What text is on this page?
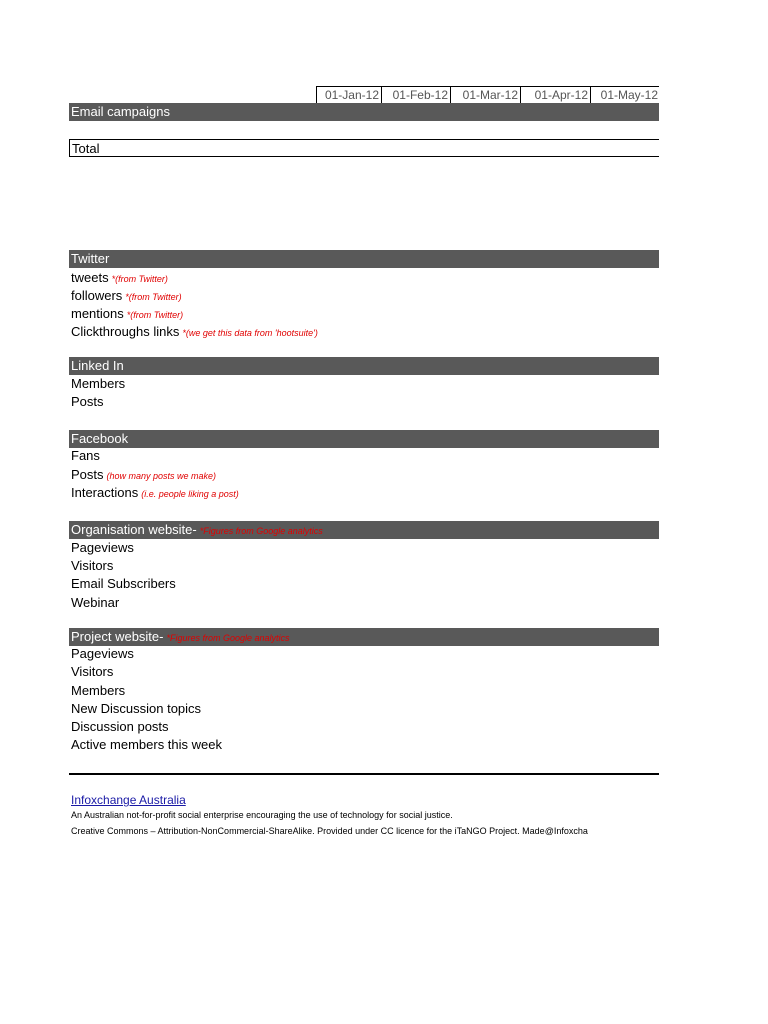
01-Jan-12	01-Feb-12	01-Mar-12	01-Apr-12	01-May-12
Email campaigns
Total
Twitter
tweets *(from Twitter)
followers *(from Twitter)
mentions *(from Twitter)
Clickthroughs links *(we get this data from 'hootsuite')
Linked In
Members
Posts
Facebook
Fans
Posts (how many posts we make)
Interactions (i.e. people liking a post)
Organisation website- *Figures from Google analytics
Pageviews
Visitors
Email Subscribers
Webinar
Project website- *Figures from Google analytics
Pageviews
Visitors
Members
New Discussion topics
Discussion posts
Active members this week
Infoxchange Australia
An Australian not-for-profit social enterprise encouraging the use of technology for social justice.
Creative Commons – Attribution-NonCommercial-ShareAlike. Provided under CC licence for the iTaNGO Project. Made@Infoxcha
